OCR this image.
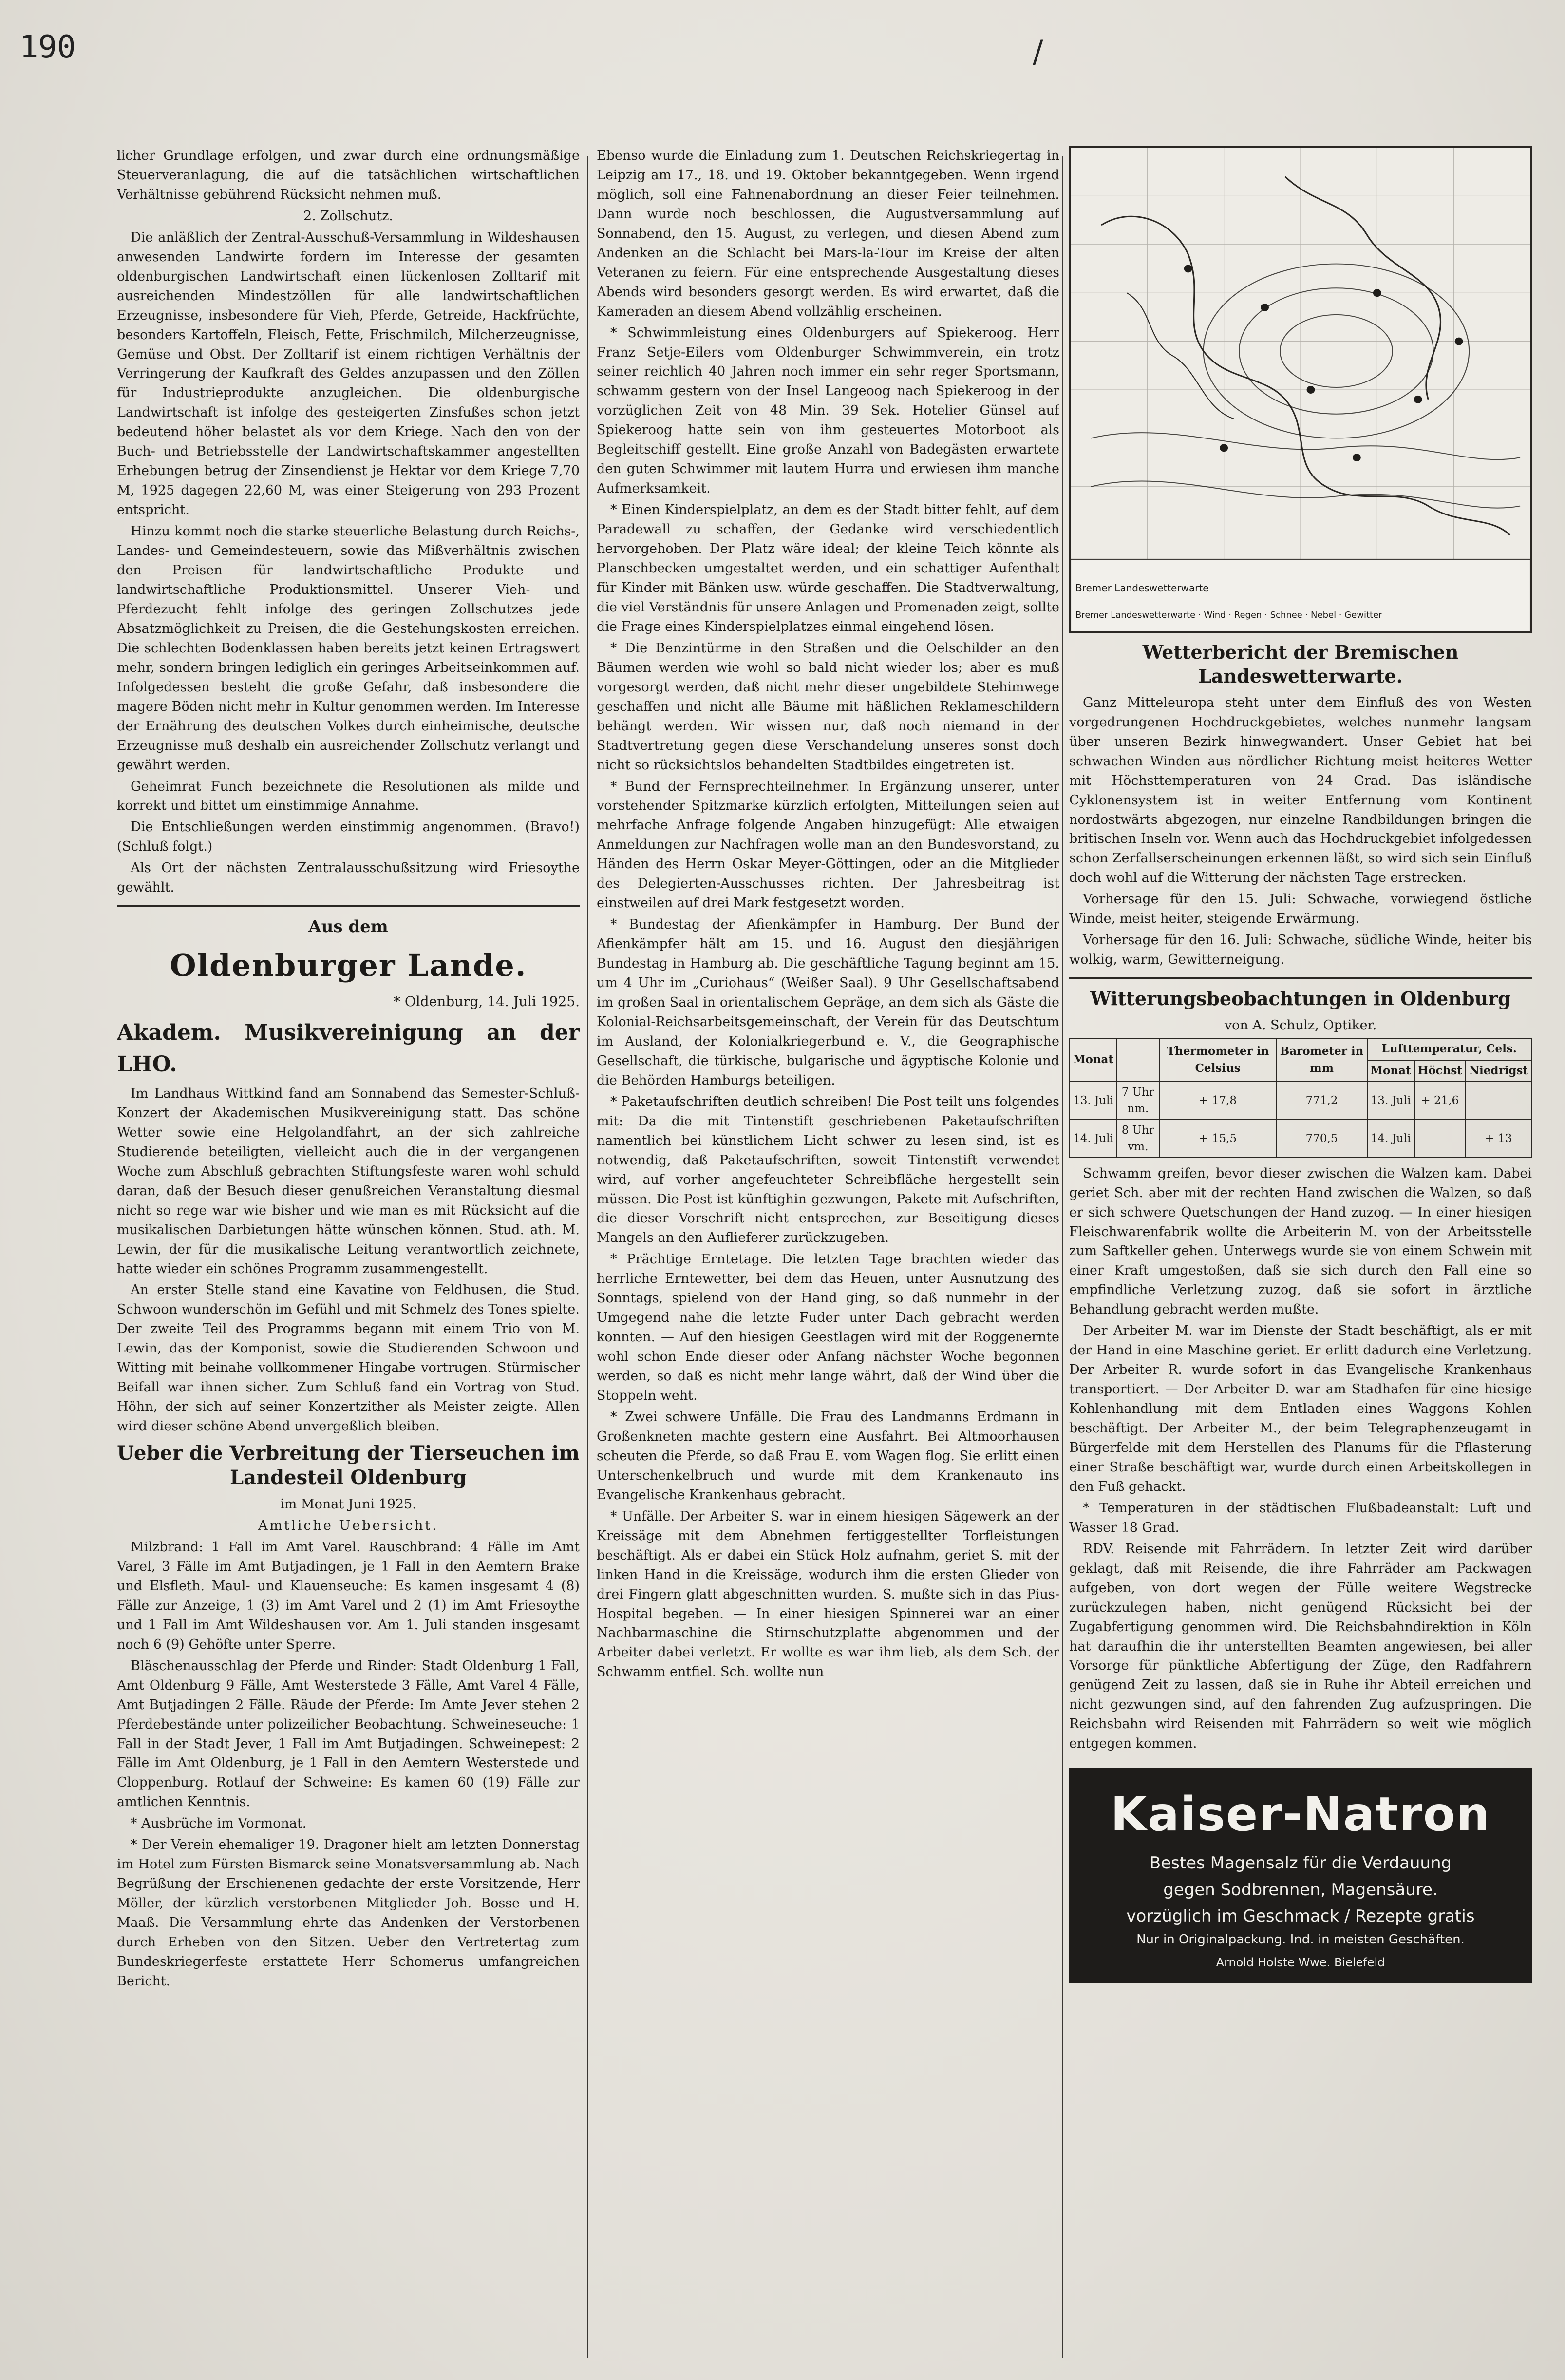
190	/

licher Grundlage erfolgen, und zwar durch eine ordnungsmäßige Steuerveranlagung, die auf die tatsächlichen wirtschaftlichen Verhältnisse gebührend Rücksicht nehmen muß.

2. Zollschutz.

Die anläßlich der Zentral-Ausschuß-Versammlung in Wildeshausen anwesenden Landwirte fordern im Interesse der gesamten oldenburgischen Landwirtschaft einen lückenlosen Zolltarif mit ausreichenden Mindestzöllen für alle landwirtschaftlichen Erzeugnisse, insbesondere für Vieh, Pferde, Getreide, Hackfrüchte, besonders Kartoffeln, Fleisch, Fette, Frischmilch, Milcherzeugnisse, Gemüse und Obst. Der Zolltarif ist einem richtigen Verhältnis der Verringerung der Kaufkraft des Geldes anzupassen und den Zöllen für Industrieprodukte anzugleichen. Die oldenburgische Landwirtschaft ist infolge des gesteigerten Zinsfußes schon jetzt bedeutend höher belastet als vor dem Kriege. Nach den von der Buch- und Betriebsstelle der Landwirtschaftskammer angestellten Erhebungen betrug der Zinsendienst je Hektar vor dem Kriege 7,70 M, 1925 dagegen 22,60 M, was einer Steigerung von 293 Prozent entspricht.

Hinzu kommt noch die starke steuerliche Belastung durch Reichs-, Landes- und Gemeindesteuern, sowie das Mißverhältnis zwischen den Preisen für landwirtschaftliche Produkte und landwirtschaftliche Produktionsmittel. Unserer Vieh- und Pferdezucht fehlt infolge des geringen Zollschutzes jede Absatzmöglichkeit zu Preisen, die die Gestehungskosten erreichen. Die schlechten Bodenklassen haben bereits jetzt keinen Ertragswert mehr, sondern bringen lediglich ein geringes Arbeitseinkommen auf. Infolgedessen besteht die große Gefahr, daß insbesondere die magere Böden nicht mehr in Kultur genommen werden. Im Interesse der Ernährung des deutschen Volkes durch einheimische, deutsche Erzeugnisse muß deshalb ein ausreichender Zollschutz verlangt und gewährt werden.

Geheimrat Funch bezeichnete die Resolutionen als milde und korrekt und bittet um einstimmige Annahme.

Die Entschließungen werden einstimmig angenommen. (Bravo!) (Schluß folgt.)

Als Ort der nächsten Zentralausschußsitzung wird Friesoythe gewählt.

Aus dem
Oldenburger Lande.
* Oldenburg, 14. Juli 1925.
Akadem. Musikvereinigung an der LHO.

Im Landhaus Wittkind fand am Sonnabend das Semester-Schluß-Konzert der Akademischen Musikvereinigung statt. Das schöne Wetter sowie eine Helgolandfahrt, an der sich zahlreiche Studierende beteiligten, vielleicht auch die in der vergangenen Woche zum Abschluß gebrachten Stiftungsfeste waren wohl schuld daran, daß der Besuch dieser genußreichen Veranstaltung diesmal nicht so rege war wie bisher und wie man es mit Rücksicht auf die musikalischen Darbietungen hätte wünschen können. Stud. ath. M. Lewin, der für die musikalische Leitung verantwortlich zeichnete, hatte wieder ein schönes Programm zusammengestellt.

An erster Stelle stand eine Kavatine von Feldhusen, die Stud. Schwoon wunderschön im Gefühl und mit Schmelz des Tones spielte. Der zweite Teil des Programms begann mit einem Trio von M. Lewin, das der Komponist, sowie die Studierenden Schwoon und Witting mit beinahe vollkommener Hingabe vortrugen. Stürmischer Beifall war ihnen sicher. Zum Schluß fand ein Vortrag von Stud. Höhn, der sich auf seiner Konzertzither als Meister zeigte. Allen wird dieser schöne Abend unvergeßlich bleiben.

Ueber die Verbreitung der Tierseuchen im Landesteil Oldenburg
im Monat Juni 1925.
Amtliche Uebersicht.

Milzbrand: 1 Fall im Amt Varel. Rauschbrand: 4 Fälle im Amt Varel, 3 Fälle im Amt Butjadingen, je 1 Fall in den Aemtern Brake und Elsfleth. Maul- und Klauenseuche: Es kamen insgesamt 4 (8) Fälle zur Anzeige, 1 (3) im Amt Varel und 2 (1) im Amt Friesoythe und 1 Fall im Amt Wildeshausen vor. Am 1. Juli standen insgesamt noch 6 (9) Gehöfte unter Sperre.

Bläschenausschlag der Pferde und Rinder: Stadt Oldenburg 1 Fall, Amt Oldenburg 9 Fälle, Amt Westerstede 3 Fälle, Amt Varel 4 Fälle, Amt Butjadingen 2 Fälle. Räude der Pferde: Im Amte Jever stehen 2 Pferdebestände unter polizeilicher Beobachtung. Schweineseuche: 1 Fall in der Stadt Jever, 1 Fall im Amt Butjadingen. Schweinepest: 2 Fälle im Amt Oldenburg, je 1 Fall in den Aemtern Westerstede und Cloppenburg. Rotlauf der Schweine: Es kamen 60 (19) Fälle zur amtlichen Kenntnis.

* Ausbrüche im Vormonat.

* Der Verein ehemaliger 19. Dragoner hielt am letzten Donnerstag im Hotel zum Fürsten Bismarck seine Monatsversammlung ab. Nach Begrüßung der Erschienenen gedachte der erste Vorsitzende, Herr Möller, der kürzlich verstorbenen Mitglieder Joh. Bosse und H. Maaß. Die Versammlung ehrte das Andenken der Verstorbenen durch Erheben von den Sitzen. Ueber den Vertretertag zum Bundeskriegerfeste erstattete Herr Schomerus umfangreichen Bericht.

Ebenso wurde die Einladung zum 1. Deutschen Reichskriegertag in Leipzig am 17., 18. und 19. Oktober bekanntgegeben. Wenn irgend möglich, soll eine Fahnenabordnung an dieser Feier teilnehmen. Dann wurde noch beschlossen, die Augustversammlung auf Sonnabend, den 15. August, zu verlegen, und diesen Abend zum Andenken an die Schlacht bei Mars-la-Tour im Kreise der alten Veteranen zu feiern. Für eine entsprechende Ausgestaltung dieses Abends wird besonders gesorgt werden. Es wird erwartet, daß die Kameraden an diesem Abend vollzählig erscheinen.

* Schwimmleistung eines Oldenburgers auf Spiekeroog. Herr Franz Setje-Eilers vom Oldenburger Schwimmverein, ein trotz seiner reichlich 40 Jahren noch immer ein sehr reger Sportsmann, schwamm gestern von der Insel Langeoog nach Spiekeroog in der vorzüglichen Zeit von 48 Min. 39 Sek. Hotelier Günsel auf Spiekeroog hatte sein von ihm gesteuertes Motorboot als Begleitschiff gestellt. Eine große Anzahl von Badegästen erwartete den guten Schwimmer mit lautem Hurra und erwiesen ihm manche Aufmerksamkeit.

* Einen Kinderspielplatz, an dem es der Stadt bitter fehlt, auf dem Paradewall zu schaffen, der Gedanke wird verschiedentlich hervorgehoben. Der Platz wäre ideal; der kleine Teich könnte als Planschbecken umgestaltet werden, und ein schattiger Aufenthalt für Kinder mit Bänken usw. würde geschaffen. Die Stadtverwaltung, die viel Verständnis für unsere Anlagen und Promenaden zeigt, sollte die Frage eines Kinderspielplatzes einmal eingehend lösen.

* Die Benzintürme in den Straßen und die Oelschilder an den Bäumen werden wie wohl so bald nicht wieder los; aber es muß vorgesorgt werden, daß nicht mehr dieser ungebildete Stehimwege geschaffen und nicht alle Bäume mit häßlichen Reklameschildern behängt werden. Wir wissen nur, daß noch niemand in der Stadtvertretung gegen diese Verschandelung unseres sonst doch nicht so rücksichtslos behandelten Stadtbildes eingetreten ist.

* Bund der Fernsprechteilnehmer. In Ergänzung unserer, unter vorstehender Spitzmarke kürzlich erfolgten, Mitteilungen seien auf mehrfache Anfrage folgende Angaben hinzugefügt: Alle etwaigen Anmeldungen zur Nachfragen wolle man an den Bundesvorstand, zu Händen des Herrn Oskar Meyer-Göttingen, oder an die Mitglieder des Delegierten-Ausschusses richten. Der Jahresbeitrag ist einstweilen auf drei Mark festgesetzt worden.

* Bundestag der Afienkämpfer in Hamburg. Der Bund der Afienkämpfer hält am 15. und 16. August den diesjährigen Bundestag in Hamburg ab. Die geschäftliche Tagung beginnt am 15. um 4 Uhr im „Curiohaus“ (Weißer Saal). 9 Uhr Gesellschaftsabend im großen Saal in orientalischem Gepräge, an dem sich als Gäste die Kolonial-Reichsarbeitsgemeinschaft, der Verein für das Deutschtum im Ausland, der Kolonialkriegerbund e. V., die Geographische Gesellschaft, die türkische, bulgarische und ägyptische Kolonie und die Behörden Hamburgs beteiligen.

* Paketaufschriften deutlich schreiben! Die Post teilt uns folgendes mit: Da die mit Tintenstift geschriebenen Paketaufschriften namentlich bei künstlichem Licht schwer zu lesen sind, ist es notwendig, daß Paketaufschriften, soweit Tintenstift verwendet wird, auf vorher angefeuchteter Schreibfläche hergestellt sein müssen. Die Post ist künftighin gezwungen, Pakete mit Aufschriften, die dieser Vorschrift nicht entsprechen, zur Beseitigung dieses Mangels an den Auflieferer zurückzugeben.

* Prächtige Erntetage. Die letzten Tage brachten wieder das herrliche Erntewetter, bei dem das Heuen, unter Ausnutzung des Sonntags, spielend von der Hand ging, so daß nunmehr in der Umgegend nahe die letzte Fuder unter Dach gebracht werden konnten. — Auf den hiesigen Geestlagen wird mit der Roggenernte wohl schon Ende dieser oder Anfang nächster Woche begonnen werden, so daß es nicht mehr lange währt, daß der Wind über die Stoppeln weht.

* Zwei schwere Unfälle. Die Frau des Landmanns Erdmann in Großenkneten machte gestern eine Ausfahrt. Bei Altmoorhausen scheuten die Pferde, so daß Frau E. vom Wagen flog. Sie erlitt einen Unterschenkelbruch und wurde mit dem Krankenauto ins Evangelische Krankenhaus gebracht.

* Unfälle. Der Arbeiter S. war in einem hiesigen Sägewerk an der Kreissäge mit dem Abnehmen fertiggestellter Torfleistungen beschäftigt. Als er dabei ein Stück Holz aufnahm, geriet S. mit der linken Hand in die Kreissäge, wodurch ihm die ersten Glieder von drei Fingern glatt abgeschnitten wurden. S. mußte sich in das Pius-Hospital begeben. — In einer hiesigen Spinnerei war an einer Nachbarmaschine die Stirnschutzplatte abgenommen und der Arbeiter dabei verletzt. Er wollte es war ihm lieb, als dem Sch. der Schwamm entfiel. Sch. wollte nun

Bremer Landeswetterwarte
Bremer Landeswetterwarte · Wind · Regen · Schnee · Nebel · Gewitter
Wetterbericht der Bremischen Landeswetterwarte.

Ganz Mitteleuropa steht unter dem Einfluß des von Westen vorgedrungenen Hochdruckgebietes, welches nunmehr langsam über unseren Bezirk hinwegwandert. Unser Gebiet hat bei schwachen Winden aus nördlicher Richtung meist heiteres Wetter mit Höchsttemperaturen von 24 Grad. Das isländische Cyklonensystem ist in weiter Entfernung vom Kontinent nordostwärts abgezogen, nur einzelne Randbildungen bringen die britischen Inseln vor. Wenn auch das Hochdruckgebiet infolgedessen schon Zerfallserscheinungen erkennen läßt, so wird sich sein Einfluß doch wohl auf die Witterung der nächsten Tage erstrecken.

Vorhersage für den 15. Juli: Schwache, vorwiegend östliche Winde, meist heiter, steigende Erwärmung.

Vorhersage für den 16. Juli: Schwache, südliche Winde, heiter bis wolkig, warm, Gewitterneigung.

Witterungsbeobachtungen in Oldenburg
von A. Schulz, Optiker.
Monat		Thermometer in Celsius	Barometer in mm	Lufttemperatur, Cels.		
				Monat	Höchst	Niedrigst
13. Juli	7 Uhr nm.	+ 17,8	771,2	13. Juli	+ 21,6	
14. Juli	8 Uhr vm.	+ 15,5	770,5	14. Juli		+ 13

Schwamm greifen, bevor dieser zwischen die Walzen kam. Dabei geriet Sch. aber mit der rechten Hand zwischen die Walzen, so daß er sich schwere Quetschungen der Hand zuzog. — In einer hiesigen Fleischwarenfabrik wollte die Arbeiterin M. von der Arbeitsstelle zum Saftkeller gehen. Unterwegs wurde sie von einem Schwein mit einer Kraft umgestoßen, daß sie sich durch den Fall eine so empfindliche Verletzung zuzog, daß sie sofort in ärztliche Behandlung gebracht werden mußte.

Der Arbeiter M. war im Dienste der Stadt beschäftigt, als er mit der Hand in eine Maschine geriet. Er erlitt dadurch eine Verletzung. Der Arbeiter R. wurde sofort in das Evangelische Krankenhaus transportiert. — Der Arbeiter D. war am Stadhafen für eine hiesige Kohlenhandlung mit dem Entladen eines Waggons Kohlen beschäftigt. Der Arbeiter M., der beim Telegraphenzeugamt in Bürgerfelde mit dem Herstellen des Planums für die Pflasterung einer Straße beschäftigt war, wurde durch einen Arbeitskollegen in den Fuß gehackt.

* Temperaturen in der städtischen Flußbadeanstalt: Luft und Wasser 18 Grad.

RDV. Reisende mit Fahrrädern. In letzter Zeit wird darüber geklagt, daß mit Reisende, die ihre Fahrräder am Packwagen aufgeben, von dort wegen der Fülle weitere Wegstrecke zurückzulegen haben, nicht genügend Rücksicht bei der Zugabfertigung genommen wird. Die Reichsbahndirektion in Köln hat daraufhin die ihr unterstellten Beamten angewiesen, bei aller Vorsorge für pünktliche Abfertigung der Züge, den Radfahrern genügend Zeit zu lassen, daß sie in Ruhe ihr Abteil erreichen und nicht gezwungen sind, auf den fahrenden Zug aufzuspringen. Die Reichsbahn wird Reisenden mit Fahrrädern so weit wie möglich entgegen kommen.

Kaiser-Natron
Bestes Magensalz für die Verdauung
gegen Sodbrennen, Magensäure.
vorzüglich im Geschmack / Rezepte gratis
Nur in Originalpackung. Ind. in meisten Geschäften.
Arnold Holste Wwe. Bielefeld
